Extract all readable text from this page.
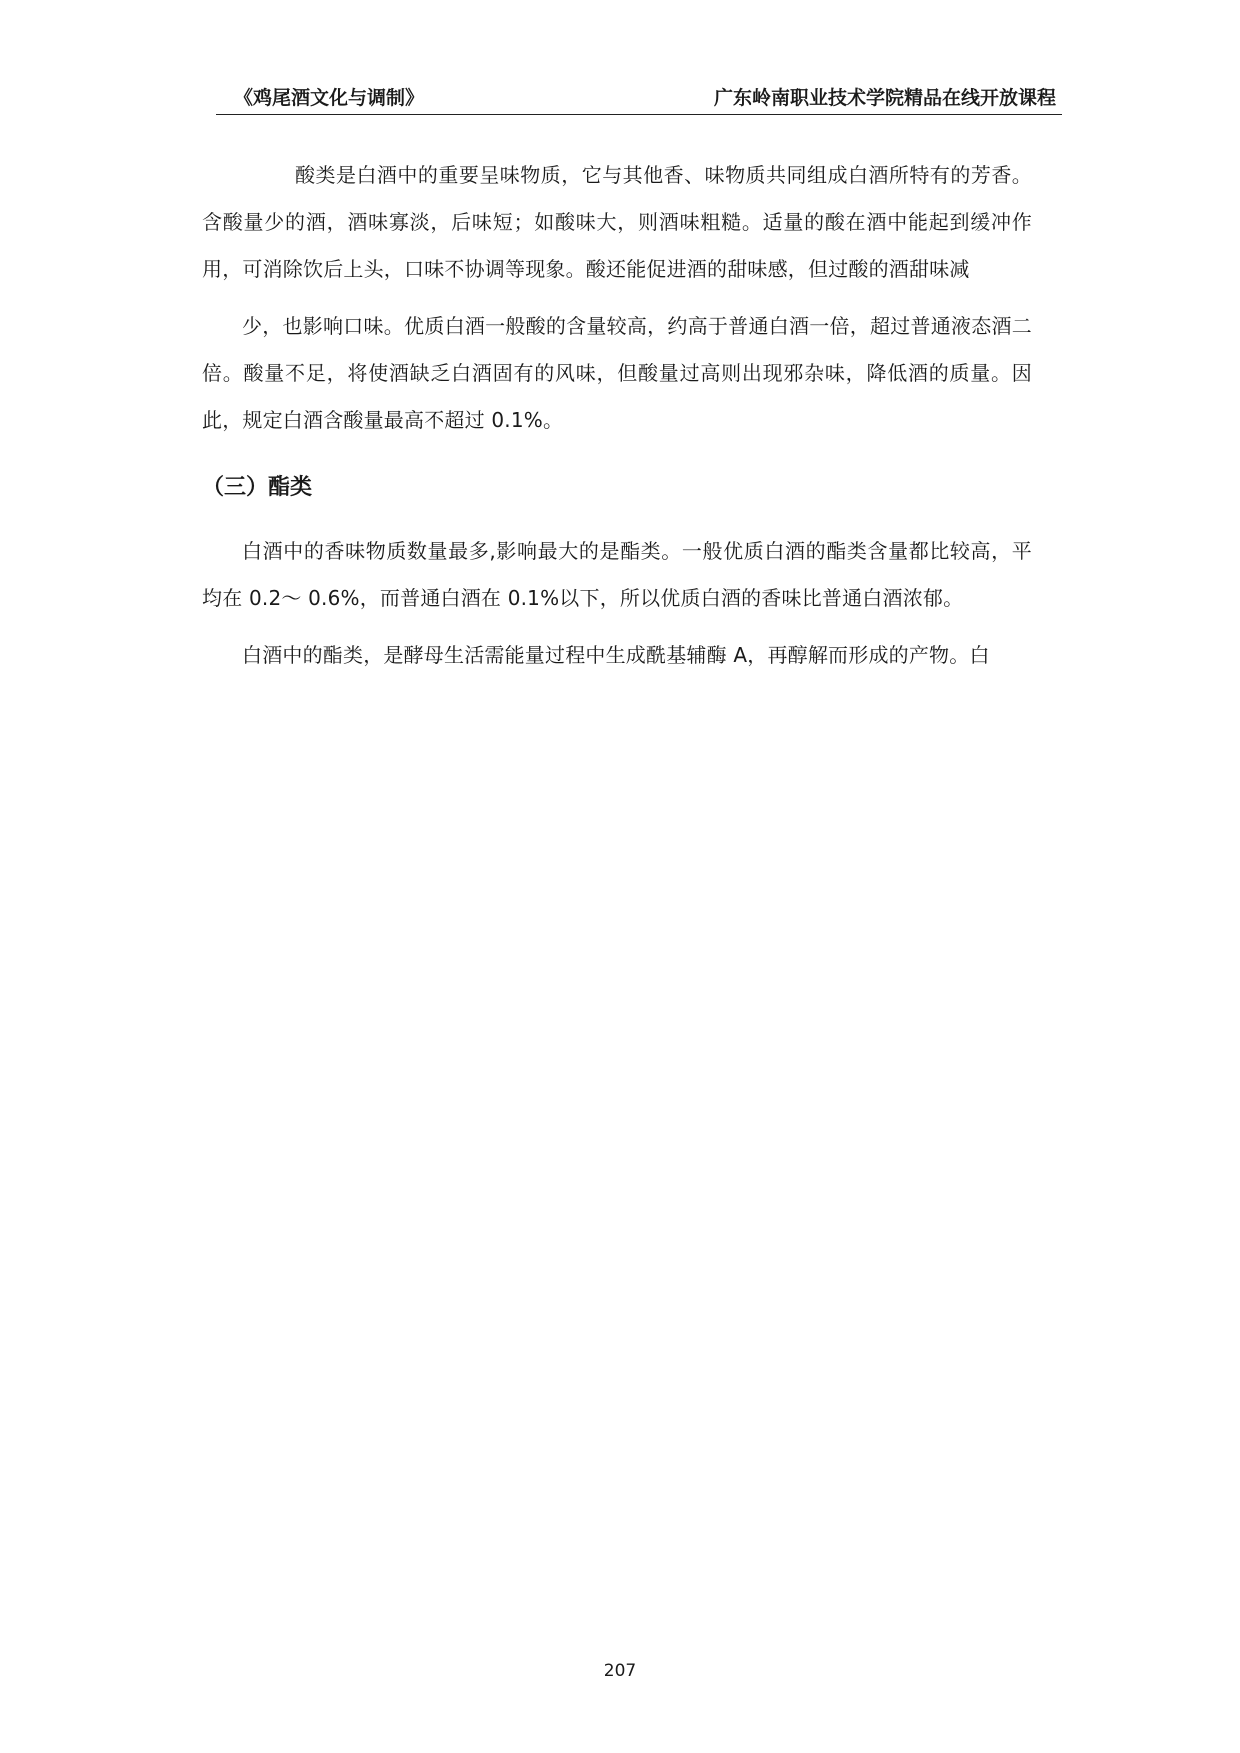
《鸡尾酒文化与调制》	广东岭南职业技术学院精品在线开放课程

酸类是白酒中的重要呈味物质，它与其他香、味物质共同组成白酒所特有的芳香。含酸量少的酒，酒味寡淡，后味短；如酸味大，则酒味粗糙。适量的酸在酒中能起到缓冲作用，可消除饮后上头，口味不协调等现象。酸还能促进酒的甜味感，但过酸的酒甜味减

少，也影响口味。优质白酒一般酸的含量较高，约高于普通白酒一倍，超过普通液态酒二倍。酸量不足，将使酒缺乏白酒固有的风味，但酸量过高则出现邪杂味，降低酒的质量。因此，规定白酒含酸量最高不超过 0.1%。

（三）酯类

白酒中的香味物质数量最多,影响最大的是酯类。一般优质白酒的酯类含量都比较高，平均在 0.2～ 0.6%，而普通白酒在 0.1%以下，所以优质白酒的香味比普通白酒浓郁。

白酒中的酯类，是酵母生活需能量过程中生成酰基辅酶 A，再醇解而形成的产物。白

207
